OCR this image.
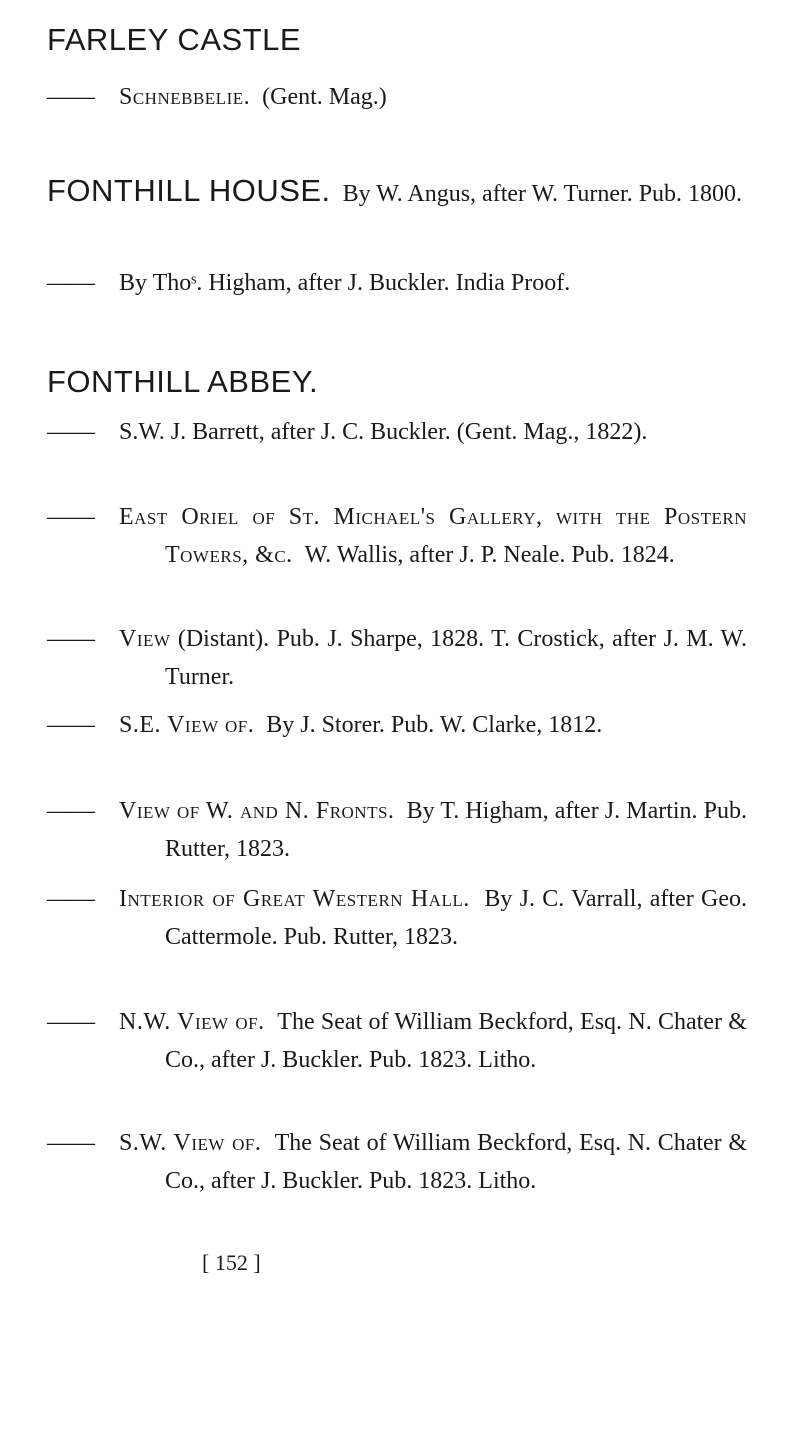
FARLEY CASTLE
—— Schnebbelie. (Gent. Mag.)
FONTHILL HOUSE. By W. Angus, after W. Turner. Pub. 1800.
—— By Thoˢ. Higham, after J. Buckler. India Proof.
FONTHILL ABBEY.
—— S.W. J. Barrett, after J. C. Buckler. (Gent. Mag., 1822).
—— East Oriel of St. Michael's Gallery, with the Postern Towers, &c. W. Wallis, after J. P. Neale. Pub. 1824.
—— View (Distant). Pub. J. Sharpe, 1828. T. Crostick, after J. M. W. Turner.
—— S.E. View of. By J. Storer. Pub. W. Clarke, 1812.
—— View of W. and N. Fronts. By T. Higham, after J. Martin. Pub. Rutter, 1823.
—— Interior of Great Western Hall. By J. C. Varrall, after Geo. Cattermole. Pub. Rutter, 1823.
—— N.W. View of. The Seat of William Beckford, Esq. N. Chater & Co., after J. Buckler. Pub. 1823. Litho.
—— S.W. View of. The Seat of William Beckford, Esq. N. Chater & Co., after J. Buckler. Pub. 1823. Litho.
[ 152 ]
